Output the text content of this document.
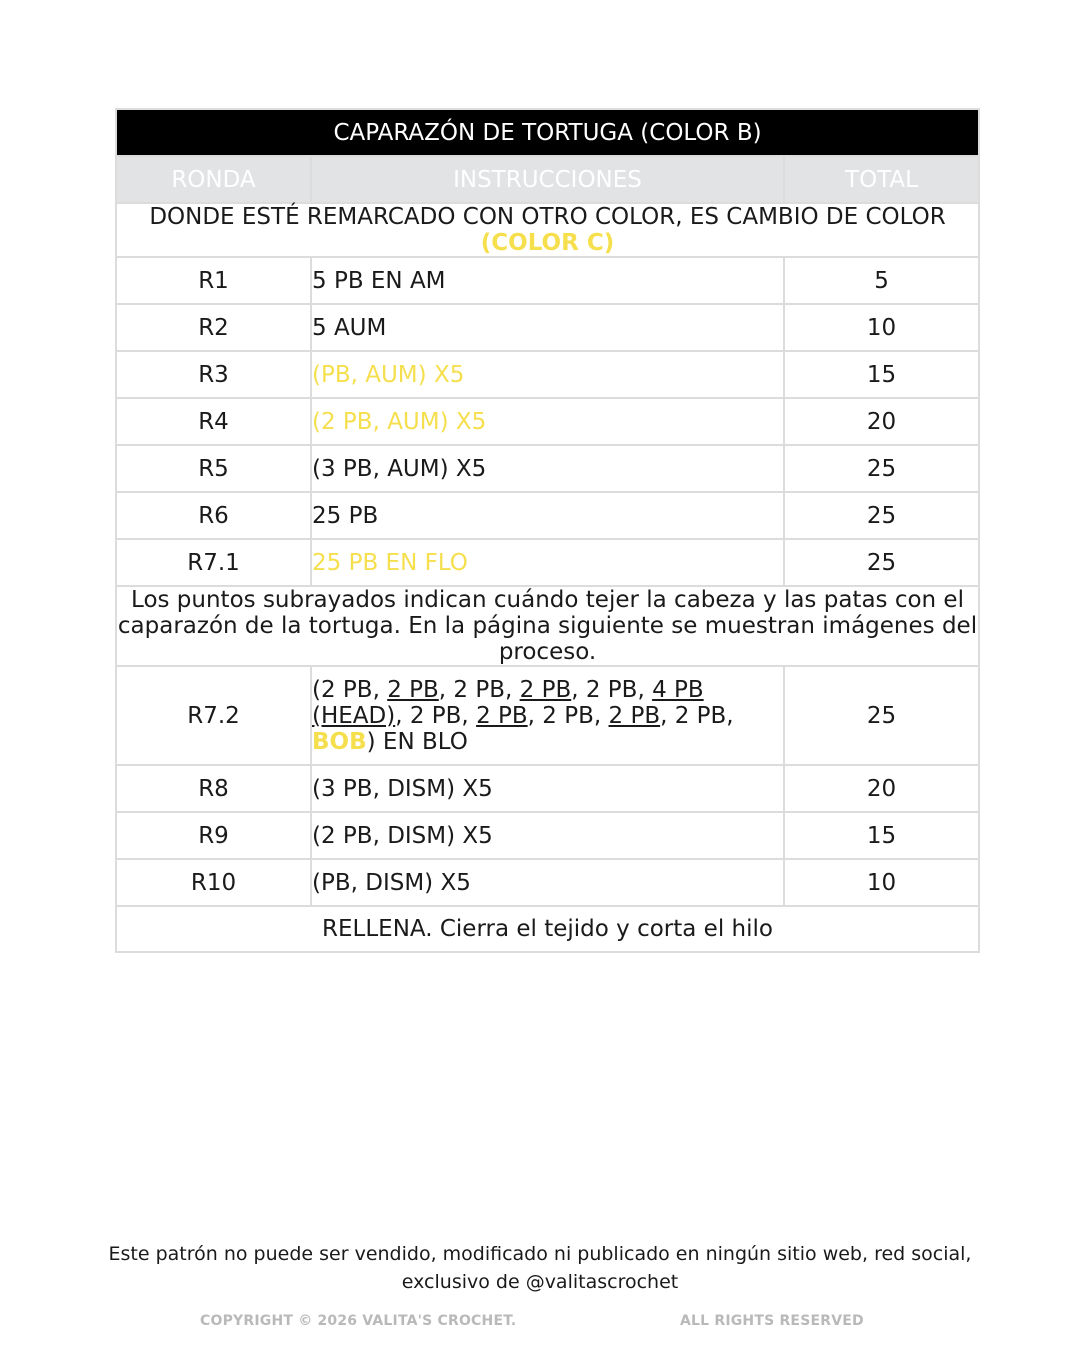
CAPARAZÓN DE TORTUGA (COLOR B)		
RONDA	INSTRUCCIONES	TOTAL
DONDE ESTÉ REMARCADO CON OTRO COLOR, ES CAMBIO DE COLOR (COLOR C)		
R1	5 PB EN AM	5
R2	5 AUM	10
R3	(PB, AUM) X5	15
R4	(2 PB, AUM) X5	20
R5	(3 PB, AUM) X5	25
R6	25 PB	25
R7.1	25 PB EN FLO	25
Los puntos subrayados indican cuándo tejer la cabeza y las patas con el caparazón de la tortuga. En la página siguiente se muestran imágenes del proceso.		
R7.2	(2 PB, 2 PB, 2 PB, 2 PB, 2 PB, 4 PB (HEAD), 2 PB, 2 PB, 2 PB, 2 PB, 2 PB, BOB) EN BLO	25
R8	(3 PB, DISM) X5	20
R9	(2 PB, DISM) X5	15
R10	(PB, DISM) X5	10
RELLENA. Cierra el tejido y corta el hilo		
Este patrón no puede ser vendido, modificado ni publicado en ningún sitio web, red social,
exclusivo de @valitascrochet
COPYRIGHT © 2026 VALITA'S CROCHET.	ALL RIGHTS RESERVED
